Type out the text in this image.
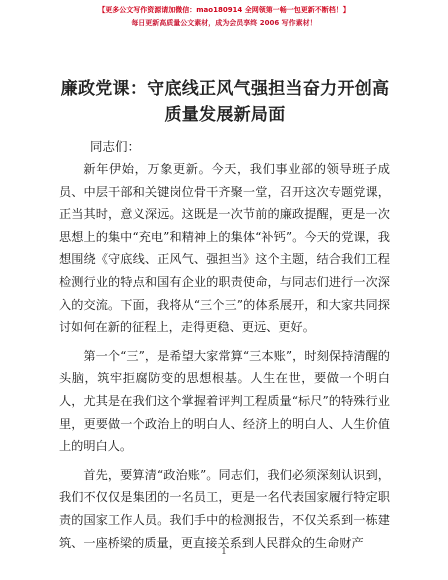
【更多公文写作资源请加微信：mao180914 全网领第一畅一包更新不断档！】
每日更新高质量公文素材，成为会员享终 2006 写作素材！
廉政党课：守底线正风气强担当奋力开创高质量发展新局面
同志们：

新年伊始，万象更新。今天，我们事业部的领导班子成员、中层干部和关键岗位骨干齐聚一堂，召开这次专题党课，正当其时，意义深远。这既是一次节前的廉政提醒，更是一次思想上的集中“充电”和精神上的集体“补钙”。今天的党课，我想围绕《守底线、正风气、强担当》这个主题，结合我们工程检测行业的特点和国有企业的职责使命，与同志们进行一次深入的交流。下面，我将从“三个三”的体系展开，和大家共同探讨如何在新的征程上，走得更稳、更远、更好。

第一个“三”，是希望大家常算“三本账”，时刻保持清醒的头脑，筑牢拒腐防变的思想根基。人生在世，要做一个明白人，尤其是在我们这个掌握着评判工程质量“标尺”的特殊行业里，更要做一个政治上的明白人、经济上的明白人、人生价值上的明白人。

首先，要算清“政治账”。同志们，我们必须深刻认识到，我们不仅仅是集团的一名员工，更是一名代表国家履行特定职责的国家工作人员。我们手中的检测报告，不仅关系到一栋建筑、一座桥梁的质量，更直接关系到人民群众的生命财产

1
